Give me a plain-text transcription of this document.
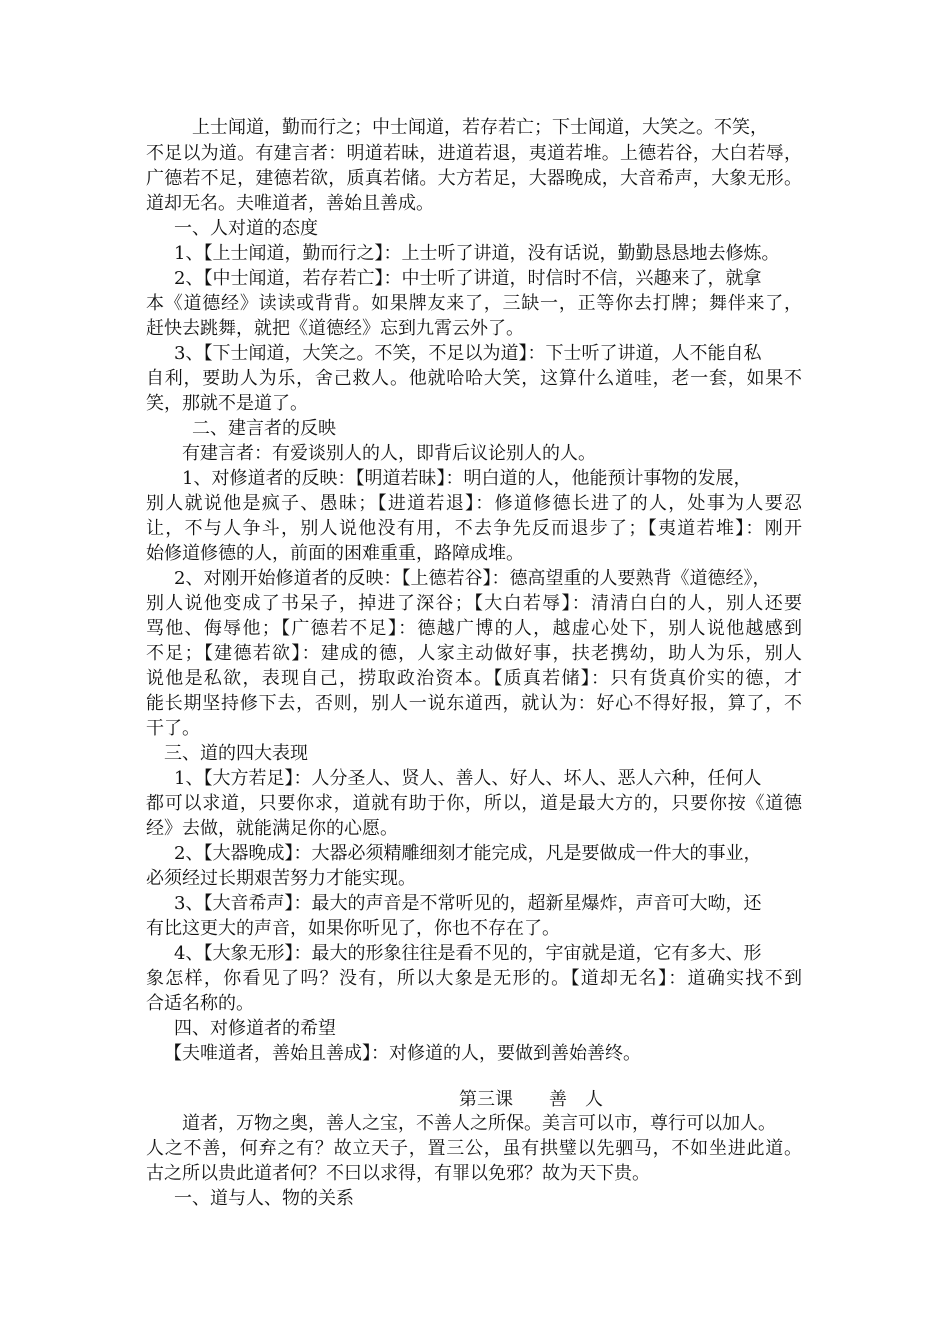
上士闻道，勤而行之；中士闻道，若存若亡；下士闻道，大笑之。不笑，
不足以为道。有建言者：明道若昧，进道若退，夷道若堆。上德若谷，大白若辱，
广德若不足，建德若欲，质真若储。大方若足，大器晚成，大音希声，大象无形。
道却无名。夫唯道者，善始且善成。
一、人对道的态度
1、【上士闻道，勤而行之】：上士听了讲道，没有话说，勤勤恳恳地去修炼。
2、【中士闻道，若存若亡】：中士听了讲道，时信时不信，兴趣来了，就拿
本《道德经》读读或背背。如果牌友来了，三缺一，正等你去打牌；舞伴来了，
赶快去跳舞，就把《道德经》忘到九霄云外了。
3、【下士闻道，大笑之。不笑，不足以为道】：下士听了讲道，人不能自私
自利，要助人为乐，舍己救人。他就哈哈大笑，这算什么道哇，老一套，如果不
笑，那就不是道了。
二、建言者的反映
有建言者：有爱谈别人的人，即背后议论别人的人。
1、对修道者的反映：【明道若昧】：明白道的人，他能预计事物的发展，
别人就说他是疯子、愚昧；【进道若退】：修道修德长进了的人，处事为人要忍
让，不与人争斗，别人说他没有用，不去争先反而退步了；【夷道若堆】：刚开
始修道修德的人，前面的困难重重，路障成堆。
2、对刚开始修道者的反映：【上德若谷】：德高望重的人要熟背《道德经》，
别人说他变成了书呆子，掉进了深谷；【大白若辱】：清清白白的人，别人还要
骂他、侮辱他；【广德若不足】：德越广博的人，越虚心处下，别人说他越感到
不足；【建德若欲】：建成的德，人家主动做好事，扶老携幼，助人为乐，别人
说他是私欲，表现自己，捞取政治资本。【质真若储】：只有货真价实的德，才
能长期坚持修下去，否则，别人一说东道西，就认为：好心不得好报，算了，不
干了。
三、道的四大表现
1、【大方若足】：人分圣人、贤人、善人、好人、坏人、恶人六种，任何人
都可以求道，只要你求，道就有助于你，所以，道是最大方的，只要你按《道德
经》去做，就能满足你的心愿。
2、【大器晚成】：大器必须精雕细刻才能完成，凡是要做成一件大的事业，
必须经过长期艰苦努力才能实现。
3、【大音希声】：最大的声音是不常听见的，超新星爆炸，声音可大呦，还
有比这更大的声音，如果你听见了，你也不存在了。
4、【大象无形】：最大的形象往往是看不见的，宇宙就是道，它有多大、形
象怎样，你看见了吗？没有，所以大象是无形的。【道却无名】：道确实找不到
合适名称的。
四、对修道者的希望
【夫唯道者，善始且善成】：对修道的人，要做到善始善终。
第三课　　善　人
道者，万物之奥，善人之宝，不善人之所保。美言可以市，尊行可以加人。
人之不善，何弃之有？故立天子，置三公，虽有拱璧以先驷马，不如坐进此道。
古之所以贵此道者何？不曰以求得，有罪以免邪？故为天下贵。
一、道与人、物的关系
